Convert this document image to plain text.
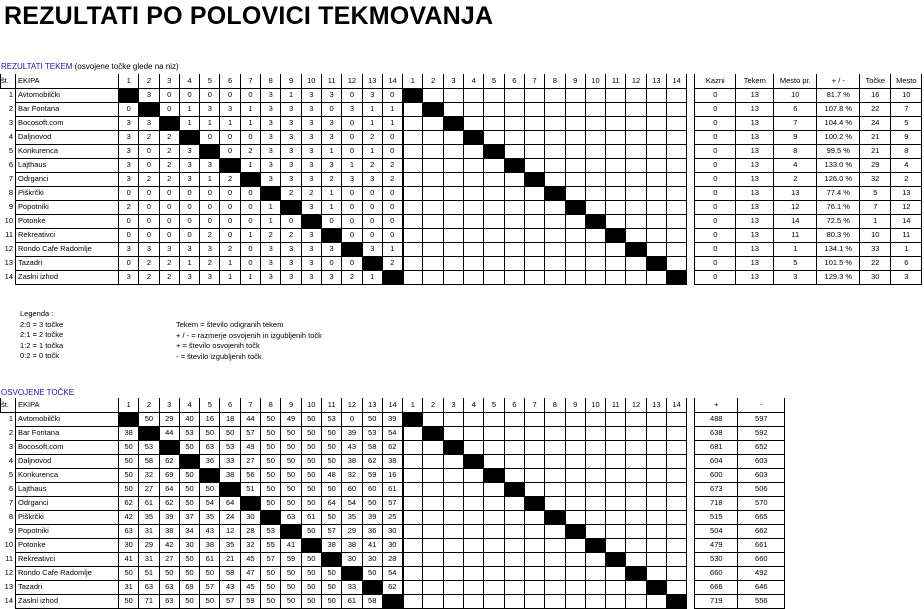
REZULTATI PO POLOVICI TEKMOVANJA
REZULTATI TEKEM (osvojene točke glede na niz)
št.	EKIPA	1	2	3	4	5	6	7	8	9	10	11	12	13	14	1	2	3	4	5	6	7	8	9	10	11	12	13	14		Kazni	Tekem	Mesto pr.	+ / -	Točke	Mesto
1	Avtomobilčki		3	0	0	0	0	0	3	1	3	3	0	3	0																0	13	10	81.7 %	16	10
2	Bar Fontana	0		0	1	3	3	1	3	3	3	0	3	1	1																0	13	6	107.8 %	22	7
3	Bocosoft.com	3	3		1	1	1	1	3	3	3	3	0	1	1																0	13	7	104.4 %	24	5
4	Daljnovod	3	2	2		0	0	0	3	3	3	3	0	2	0																0	13	9	100.2 %	21	9
5	Konkurenca	3	0	2	3		0	2	3	3	3	1	0	1	0																0	13	8	99.5 %	21	8
6	Lajthaus	3	0	2	3	3		1	3	3	3	3	1	2	2																0	13	4	133.0 %	29	4
7	Odrganci	3	2	2	3	1	2		3	3	3	2	3	3	2																0	13	2	126.0 %	32	2
8	Piškrčki	0	0	0	0	0	0	0		2	2	1	0	0	0																0	13	13	77.4 %	5	13
9	Popotniki	2	0	0	0	0	0	0	1		3	1	0	0	0																0	13	12	76.1 %	7	12
10	Potonke	0	0	0	0	0	0	0	1	0		0	0	0	0																0	13	14	72.5 %	1	14
11	Rekreativci	0	0	0	0	2	0	1	2	2	3		0	0	0																0	13	11	80.3 %	10	11
12	Rondo Cafe Radomlje	3	3	3	3	3	2	0	3	3	3	3		3	1																0	13	1	134.1 %	33	1
13	Tazadri	0	2	2	1	2	1	0	3	3	3	0	0		2																0	13	5	101.5 %	22	6
14	Zaslni izhod	3	2	2	3	3	1	1	3	3	3	3	2	1																	0	13	3	129.3 %	30	3
Legenda :
2:0 = 3 točke
2:1 = 2 točke
1:2 = 1 točka
0:2 = 0 točk
Tekem = število odigranih tekem
+ / - = razmerje osvojenih in izgubljenih točk
+ = število osvojenih točk
- = število izgubljenih točk
OSVOJENE TOČKE
št.	EKIPA	1	2	3	4	5	6	7	8	9	10	11	12	13	14	1	2	3	4	5	6	7	8	9	10	11	12	13	14		+	-
1	Avtomobilčki		50	29	40	16	18	44	50	49	50	53	0	50	39																488	597
2	Bar Fontana	38		44	53	50	50	57	50	50	50	50	39	53	54																638	592
3	Bocosoft.com	50	53		50	63	53	49	50	50	50	50	43	58	62																681	652
4	Daljnovod	50	58	62		36	33	27	50	50	50	50	38	62	38																604	603
5	Konkurenca	50	32	69	50		38	56	50	50	50	48	32	59	16																600	603
6	Lajthaus	50	27	64	50	50		51	50	50	50	50	60	60	61																673	506
7	Odrganci	62	61	62	50	54	64		50	50	50	64	54	50	57																718	570
8	Piškrčki	42	35	39	37	35	24	30		63	61	50	35	39	25																515	665
9	Popotniki	63	31	38	34	43	12	28	53		50	57	29	36	30																504	662
10	Potonke	30	29	42	30	38	35	32	55	41		38	38	41	30																479	661
11	Rekreativci	41	31	27	50	61	21	45	57	59	50		30	30	28																530	660
12	Rondo Cafe Radomlje	50	51	50	50	50	58	47	50	50	50	50		50	54																660	492
13	Tazadri	31	63	63	69	57	43	45	50	50	50	50	33		62																666	646
14	Zaslni izhod	50	71	63	50	50	57	59	50	50	50	50	61	58																	719	556
